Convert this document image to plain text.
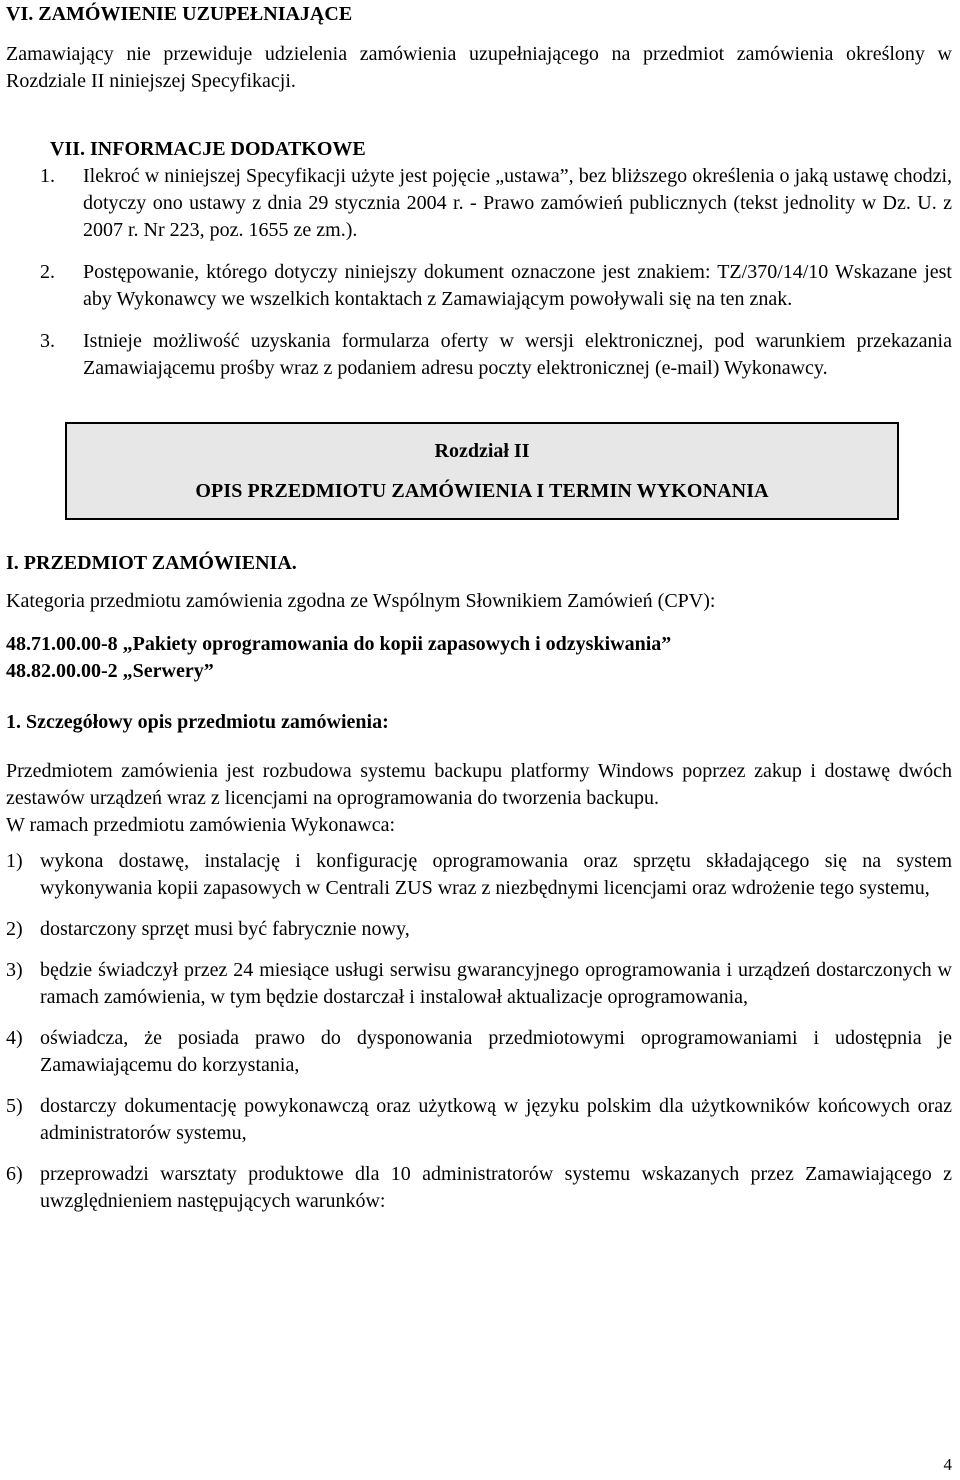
VI. ZAMÓWIENIE UZUPEŁNIAJĄCE

Zamawiający nie przewiduje udzielenia zamówienia uzupełniającego na przedmiot zamówienia określony w Rozdziale II niniejszej Specyfikacji.

VII. INFORMACJE DODATKOWE
1. Ilekroć w niniejszej Specyfikacji użyte jest pojęcie „ustawa”, bez bliższego określenia o jaką ustawę chodzi, dotyczy ono ustawy z dnia 29 stycznia 2004 r. - Prawo zamówień publicznych (tekst jednolity w Dz. U. z 2007 r. Nr 223, poz. 1655 ze zm.).
2. Postępowanie, którego dotyczy niniejszy dokument oznaczone jest znakiem: TZ/370/14/10 Wskazane jest aby Wykonawcy we wszelkich kontaktach z Zamawiającym powoływali się na ten znak.
3. Istnieje możliwość uzyskania formularza oferty w wersji elektronicznej, pod warunkiem przekazania Zamawiającemu prośby wraz z podaniem adresu poczty elektronicznej (e-mail) Wykonawcy.
Rozdział II
OPIS PRZEDMIOTU ZAMÓWIENIA I TERMIN WYKONANIA
I. PRZEDMIOT ZAMÓWIENIA.

Kategoria przedmiotu zamówienia zgodna ze Wspólnym Słownikiem Zamówień (CPV):

48.71.00.00-8 „Pakiety oprogramowania do kopii zapasowych i odzyskiwania”
48.82.00.00-2 „Serwery”
1. Szczegółowy opis przedmiotu zamówienia:

Przedmiotem zamówienia jest rozbudowa systemu backupu platformy Windows poprzez zakup i dostawę dwóch zestawów urządzeń wraz z licencjami na oprogramowania do tworzenia backupu.

W ramach przedmiotu zamówienia Wykonawca:

1) wykona dostawę, instalację i konfigurację oprogramowania oraz sprzętu składającego się na system wykonywania kopii zapasowych w Centrali ZUS wraz z niezbędnymi licencjami oraz wdrożenie tego systemu,
2) dostarczony sprzęt musi być fabrycznie nowy,
3) będzie świadczył przez 24 miesiące usługi serwisu gwarancyjnego oprogramowania i urządzeń dostarczonych w ramach zamówienia, w tym będzie dostarczał i instalował aktualizacje oprogramowania,
4) oświadcza, że posiada prawo do dysponowania przedmiotowymi oprogramowaniami i udostępnia je Zamawiającemu do korzystania,
5) dostarczy dokumentację powykonawczą oraz użytkową w języku polskim dla użytkowników końcowych oraz administratorów systemu,
6) przeprowadzi warsztaty produktowe dla 10 administratorów systemu wskazanych przez Zamawiającego z uwzględnieniem następujących warunków:
4
